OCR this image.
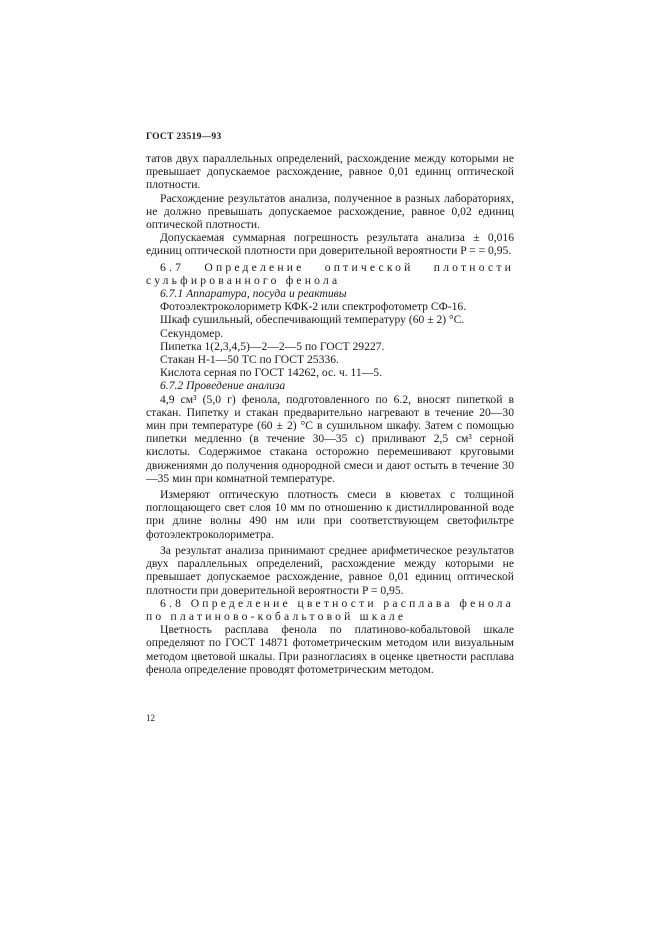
ГОСТ 23519—93

татов двух параллельных определений, расхождение между которыми не превышает допускаемое расхождение, равное 0,01 единиц оптической плотности.

Расхождение результатов анализа, полученное в разных лабораториях, не должно превышать допускаемое расхождение, равное 0,02 единиц оптической плотности.

Допускаемая суммарная погрешность результата анализа ± 0,016 единиц оптической плотности при доверительной вероятности P = = 0,95.

6.7 Определение оптической плотности сульфированного фенола

6.7.1 Аппаратура, посуда и реактивы

Фотоэлектроколориметр КФК-2 или спектрофотометр СФ-16.

Шкаф сушильный, обеспечивающий температуру (60 ± 2) °С.

Секундомер.

Пипетка 1(2,3,4,5)—2—2—5 по ГОСТ 29227.

Стакан Н-1—50 ТС по ГОСТ 25336.

Кислота серная по ГОСТ 14262, ос. ч. 11—5.

6.7.2 Проведение анализа

4,9 см³ (5,0 г) фенола, подготовленного по 6.2, вносят пипеткой в стакан. Пипетку и стакан предварительно нагревают в течение 20—30 мин при температуре (60 ± 2) °С в сушильном шкафу. Затем с помощью пипетки медленно (в течение 30—35 с) приливают 2,5 см³ серной кислоты. Содержимое стакана осторожно перемешивают круговыми движениями до получения однородной смеси и дают остыть в течение 30—35 мин при комнатной температуре.

Измеряют оптическую плотность смеси в кюветах с толщиной поглощающего свет слоя 10 мм по отношению к дистиллированной воде при длине волны 490 нм или при соответствующем светофильтре фотоэлектроколориметра.

За результат анализа принимают среднее арифметическое результатов двух параллельных определений, расхождение между которыми не превышает допускаемое расхождение, равное 0,01 единиц оптической плотности при доверительной вероятности P = 0,95.

6.8 Определение цветности расплава фенола по платиново-кобальтовой шкале

Цветность расплава фенола по платиново-кобальтовой шкале определяют по ГОСТ 14871 фотометрическим методом или визуальным методом цветовой шкалы. При разногласиях в оценке цветности расплава фенола определение проводят фотометрическим методом.

12
